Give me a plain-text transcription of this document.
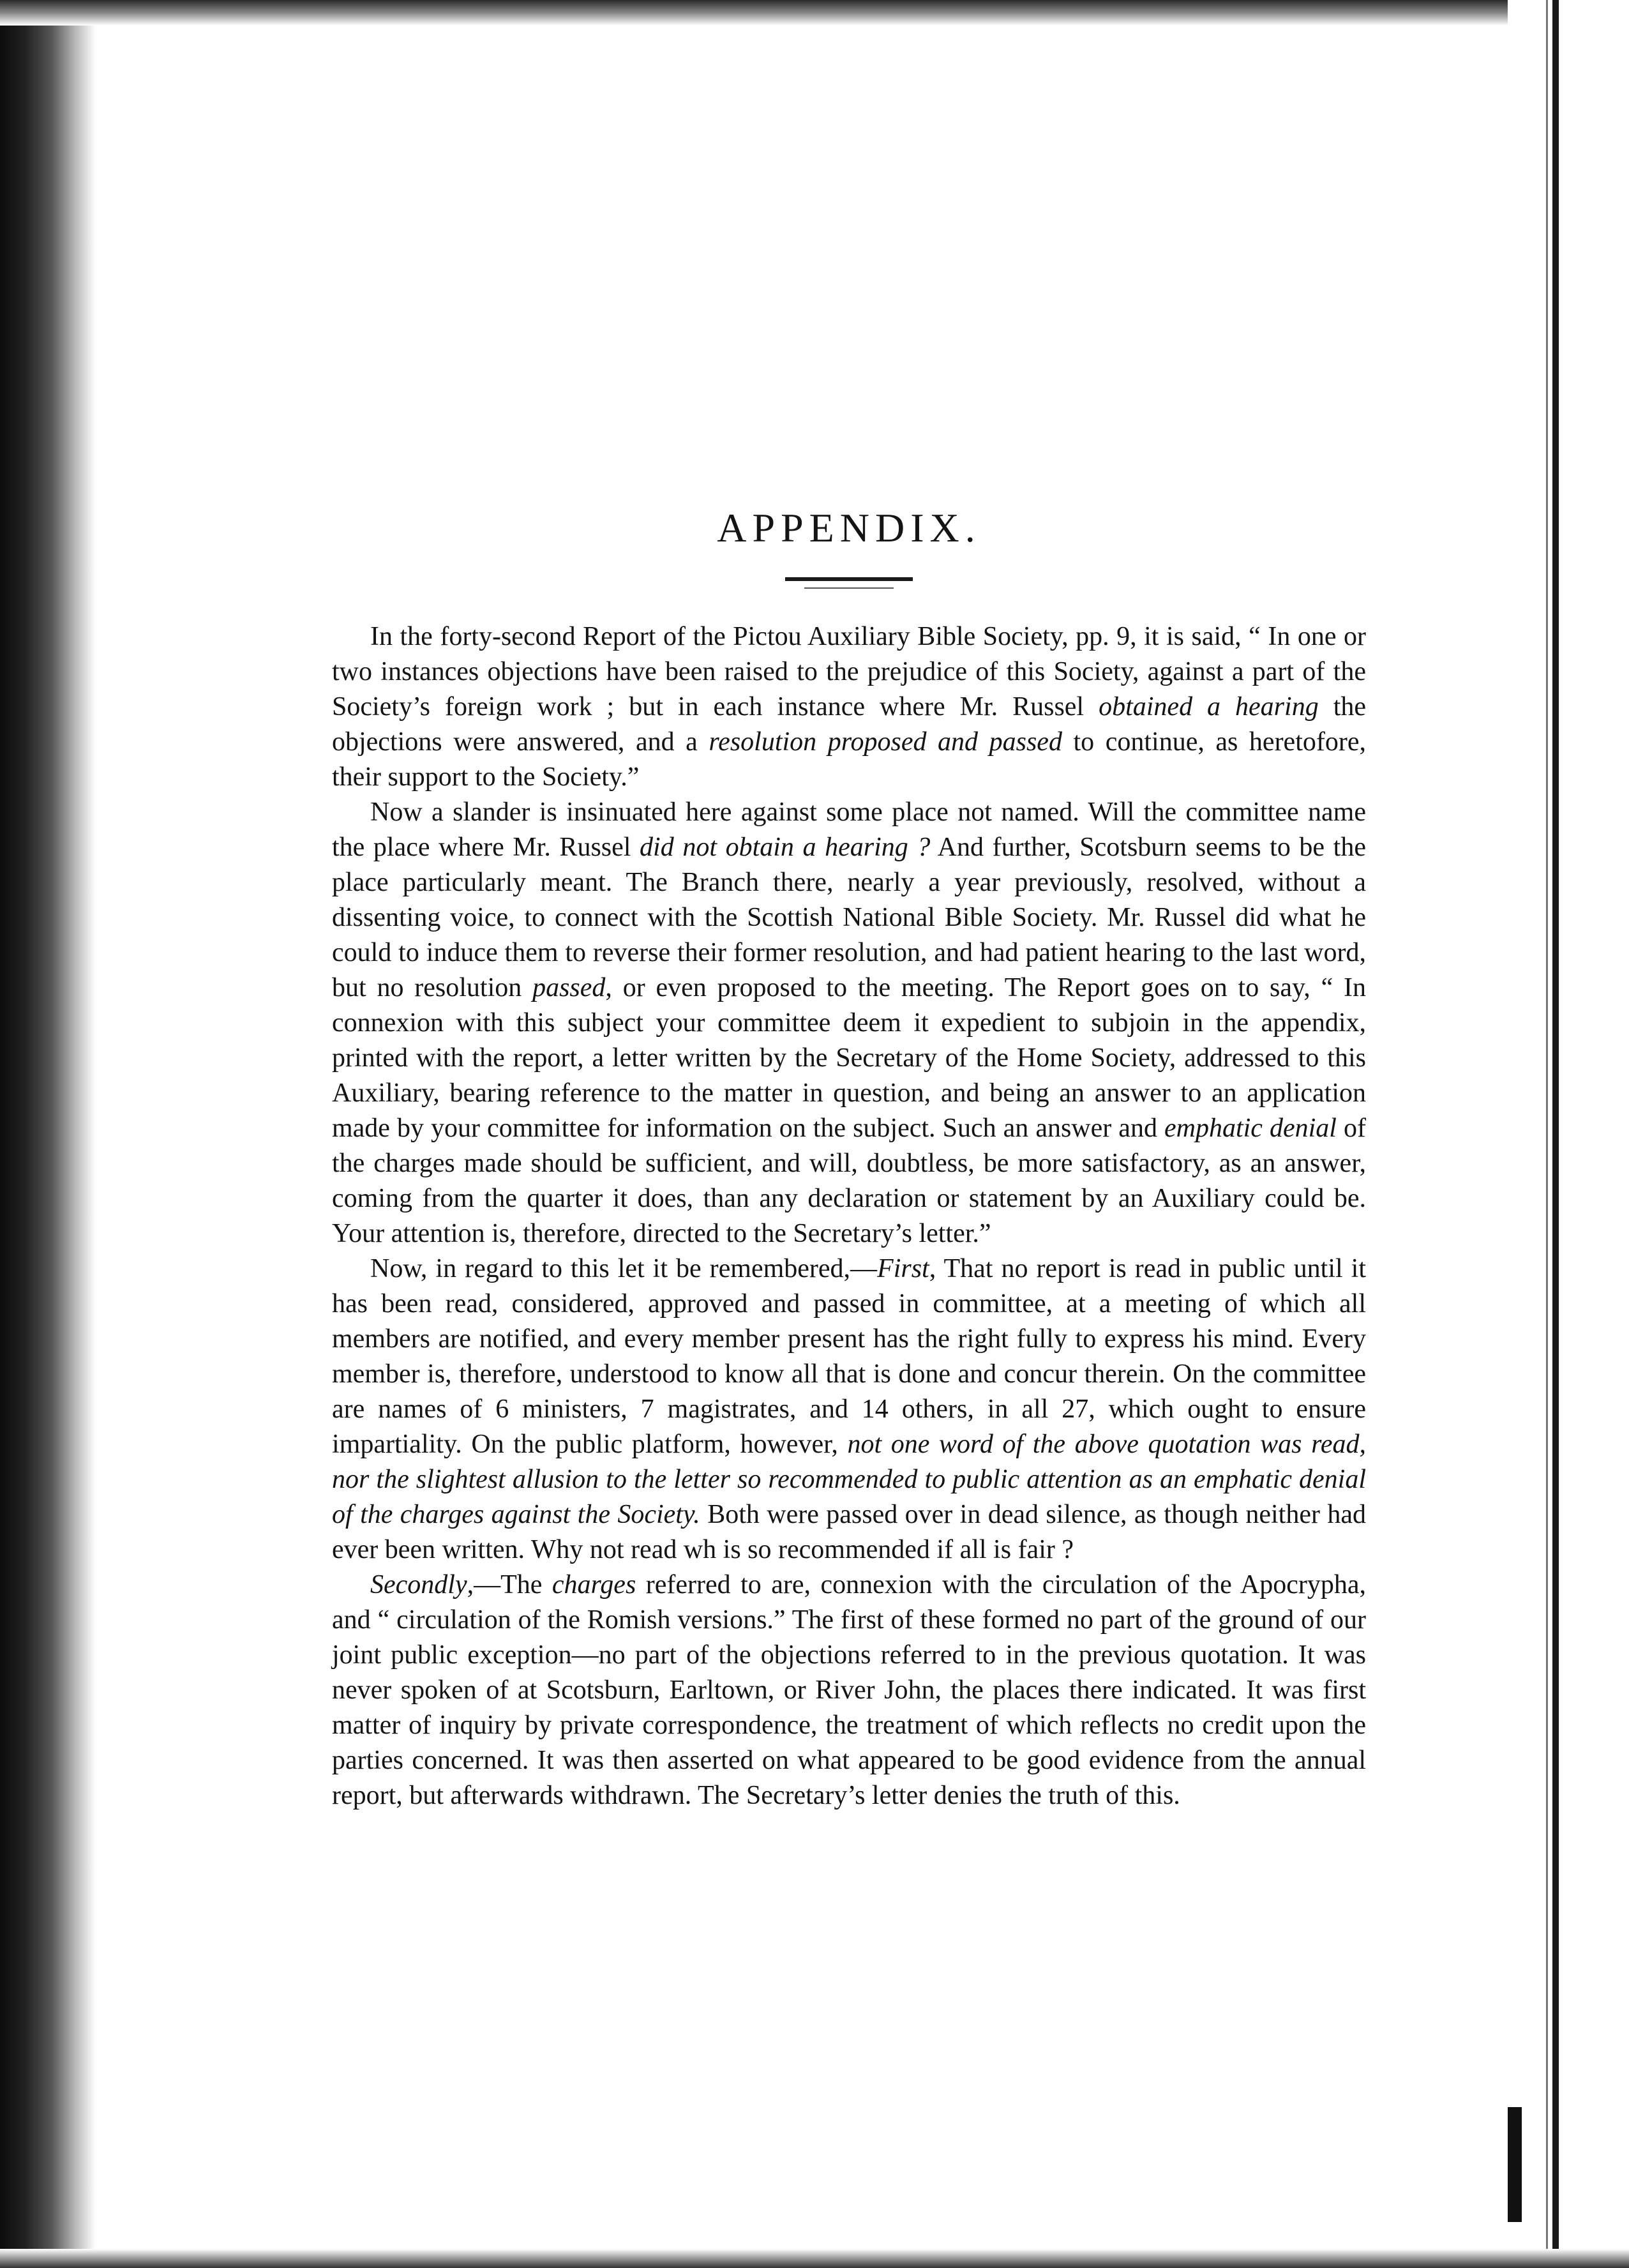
APPENDIX.

In the forty-second Report of the Pictou Auxiliary Bible Society, pp. 9, it is said, “ In one or two instances objections have been raised to the prejudice of this Society, against a part of the Society’s foreign work ; but in each instance where Mr. Russel obtained a hearing the objections were answered, and a resolution proposed and passed to continue, as heretofore, their support to the Society.”

Now a slander is insinuated here against some place not named. Will the committee name the place where Mr. Russel did not obtain a hearing ? And further, Scotsburn seems to be the place particularly meant. The Branch there, nearly a year previously, resolved, without a dissenting voice, to connect with the Scottish National Bible Society. Mr. Russel did what he could to induce them to reverse their former resolution, and had patient hearing to the last word, but no resolution passed, or even proposed to the meeting. The Report goes on to say, “ In connexion with this subject your committee deem it expedient to subjoin in the appendix, printed with the report, a letter written by the Secretary of the Home Society, addressed to this Auxiliary, bearing reference to the matter in question, and being an answer to an application made by your committee for information on the subject. Such an answer and emphatic denial of the charges made should be sufficient, and will, doubtless, be more satisfactory, as an answer, coming from the quarter it does, than any declaration or statement by an Auxiliary could be. Your attention is, therefore, directed to the Secretary’s letter.”

Now, in regard to this let it be remembered,—First, That no report is read in public until it has been read, considered, approved and passed in committee, at a meeting of which all members are notified, and every member present has the right fully to express his mind. Every member is, therefore, understood to know all that is done and concur therein. On the committee are names of 6 ministers, 7 magistrates, and 14 others, in all 27, which ought to ensure impartiality. On the public platform, however, not one word of the above quotation was read, nor the slightest allusion to the letter so recommended to public attention as an emphatic denial of the charges against the Society. Both were passed over in dead silence, as though neither had ever been written. Why not read wh is so recommended if all is fair ?

Secondly,—The charges referred to are, connexion with the circulation of the Apocrypha, and “ circulation of the Romish versions.” The first of these formed no part of the ground of our joint public exception—no part of the objections referred to in the previous quotation. It was never spoken of at Scotsburn, Earltown, or River John, the places there indicated. It was first matter of inquiry by private correspondence, the treatment of which reflects no credit upon the parties concerned. It was then asserted on what appeared to be good evidence from the annual report, but afterwards withdrawn. The Secretary’s letter denies the truth of this.
